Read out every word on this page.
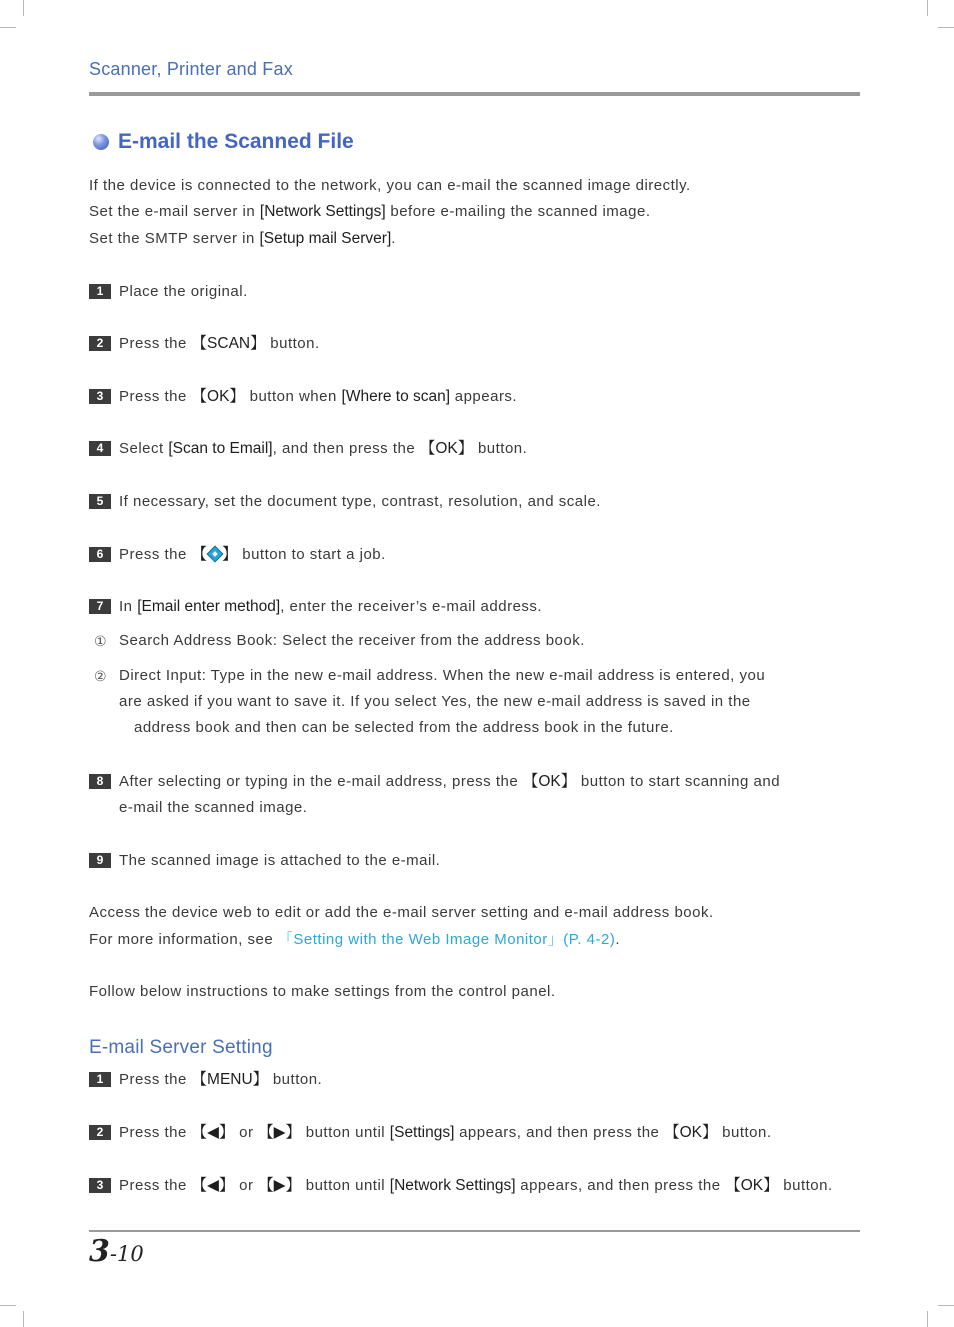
Scanner, Printer and Fax
E-mail the Scanned File
If the device is connected to the network, you can e-mail the scanned image directly.
Set the e-mail server in [Network Settings] before e-mailing the scanned image.
Set the SMTP server in [Setup mail Server].
1	Place the original.
2	Press the 【SCAN】 button.
3	Press the 【OK】 button when [Where to scan] appears.
4	Select [Scan to Email], and then press the 【OK】 button.
5	If necessary, set the document type, contrast, resolution, and scale.
6	Press the 【 】 button to start a job.
7	In [Email enter method], enter the receiver’s e-mail address.
① Search Address Book: Select the receiver from the address book.
② Direct Input: Type in the new e-mail address. When the new e-mail address is entered, you
are asked if you want to save it. If you select Yes, the new e-mail address is saved in the
address book and then can be selected from the address book in the future.
8	After selecting or typing in the e-mail address, press the 【OK】 button to start scanning and
e-mail the scanned image.
9	The scanned image is attached to the e-mail.
Access the device web to edit or add the e-mail server setting and e-mail address book.
For more information, see 「Setting with the Web Image Monitor」(P. 4-2).
Follow below instructions to make settings from the control panel.
E-mail Server Setting
1	Press the 【MENU】 button.
2	Press the 【◀】 or 【▶】 button until [Settings] appears, and then press the 【OK】 button.
3	Press the 【◀】 or 【▶】 button until [Network Settings] appears, and then press the 【OK】 button.
3-10
